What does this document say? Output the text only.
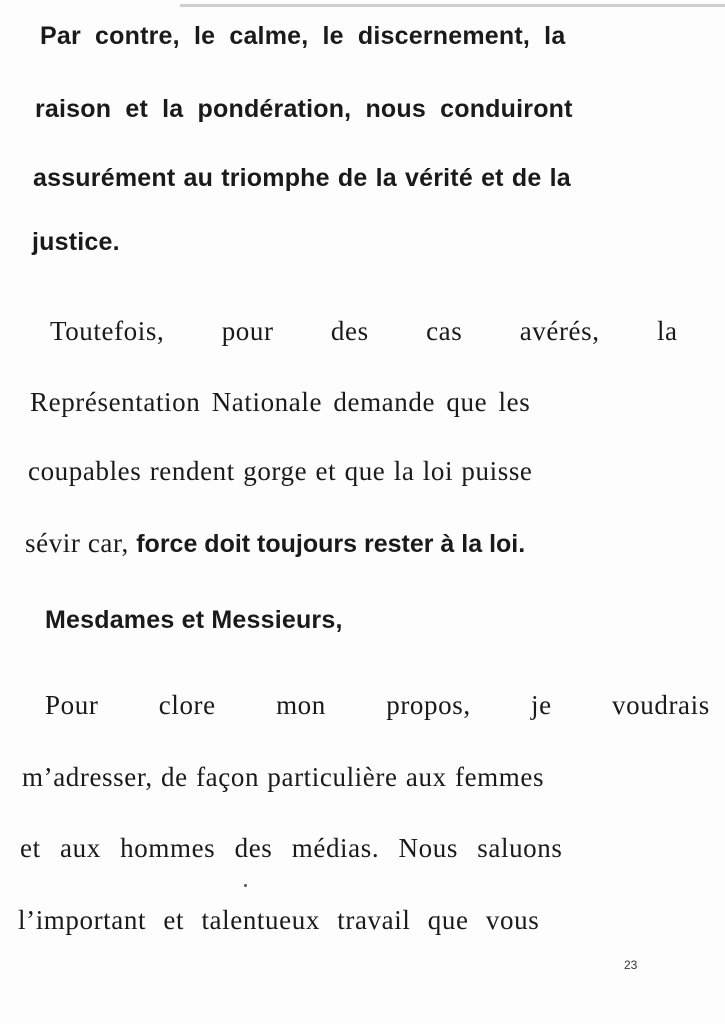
Par contre, le calme, le discernement, la
raison et la pondération, nous conduiront
assurément au triomphe de la vérité et de la
justice.
Toutefois, pour des cas avérés, la
Représentation Nationale demande que les
coupables rendent gorge et que la loi puisse
sévir car, force doit toujours rester à la loi.
Mesdames et Messieurs,
Pour clore mon propos, je voudrais
m’adresser, de façon particulière aux femmes
et aux hommes des médias. Nous saluons
l’important et talentueux travail que vous
23
